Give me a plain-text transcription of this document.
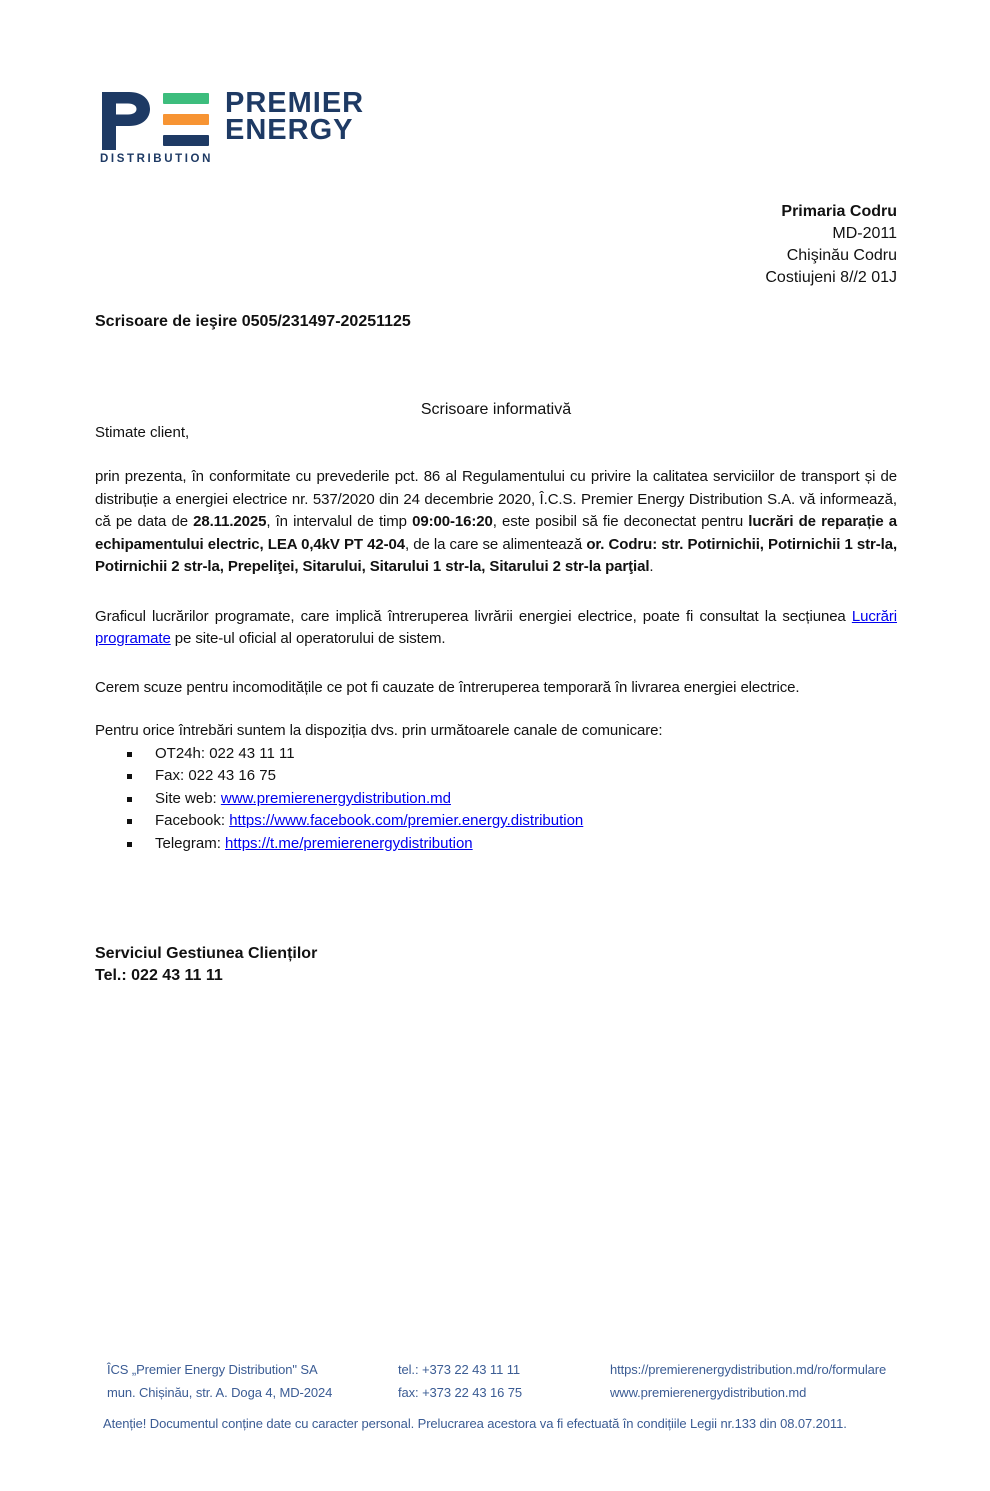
PREMIER
ENERGY
DISTRIBUTION
Primaria Codru
MD-2011
Chişinău Codru
Costiujeni 8//2 01J
Scrisoare de ieşire 0505/231497-20251125
Scrisoare informativă
Stimate client,

prin prezenta, în conformitate cu prevederile pct. 86 al Regulamentului cu privire la calitatea serviciilor de transport și de distribuție a energiei electrice nr. 537/2020 din 24 decembrie 2020, Î.C.S. Premier Energy Distribution S.A. vă informează, că pe data de 28.11.2025, în intervalul de timp 09:00-16:20, este posibil să fie deconectat pentru lucrări de reparație a echipamentului electric, LEA 0,4kV PT 42-04, de la care se alimentează or. Codru: str. Potirnichii, Potirnichii 1 str-la, Potirnichii 2 str-la, Prepeliţei, Sitarului, Sitarului 1 str-la, Sitarului 2 str-la parţial.

Graficul lucrărilor programate, care implică întreruperea livrării energiei electrice, poate fi consultat la secțiunea Lucrări programate pe site-ul oficial al operatorului de sistem.

Cerem scuze pentru incomoditățile ce pot fi cauzate de întreruperea temporară în livrarea energiei electrice.

Pentru orice întrebări suntem la dispoziția dvs. prin următoarele canale de comunicare:

OT24h: 022 43 11 11
Fax: 022 43 16 75
Site web: www.premierenergydistribution.md
Facebook: https://www.facebook.com/premier.energy.distribution
Telegram: https://t.me/premierenergydistribution
Serviciul Gestiunea Clienților
Tel.: 022 43 11 11
ÎCS „Premier Energy Distribution" SA
mun. Chișinău, str. A. Doga 4, MD-2024
tel.: +373 22 43 11 11
fax: +373 22 43 16 75
https://premierenergydistribution.md/ro/formulare
www.premierenergydistribution.md
Atenție! Documentul conține date cu caracter personal. Prelucrarea acestora va fi efectuată în condițiile Legii nr.133 din 08.07.2011.
